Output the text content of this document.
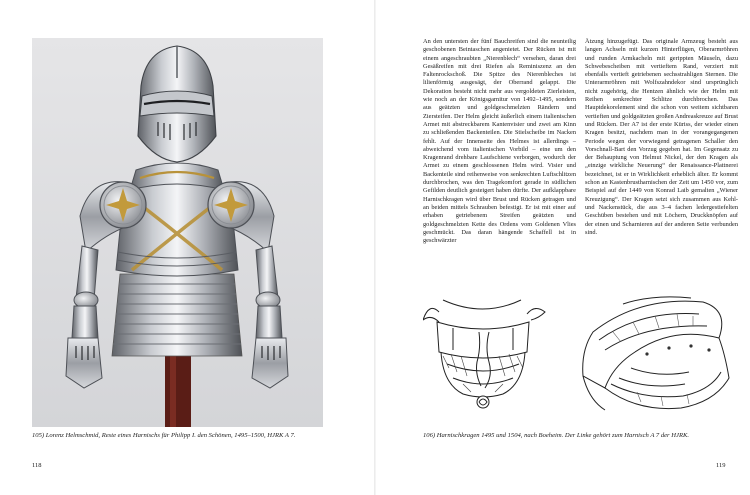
105) Lorenz Helmschmid, Reste eines Harnischs für Philipp I. den Schönen, 1495–1500, HJRK A 7.
118

An den untersten der fünf Bauchreifen sind die neunteilig geschobenen Beintaschen angenietet. Der Rücken ist mit einem angeschraubten „Nierenblech“ versehen, daran drei Gesäßreifen mit drei Riefen als Reminiszenz an den Faltenrockschoß. Die Spitze des Nierenbleches ist lilienförmig ausgesägt, der Oberrand gelappt. Die Dekoration besteht nicht mehr aus vergoldeten Zierleisten, wie noch an der Königsgarnitur von 1492–1495, sondern aus geätzten und goldgeschmelzten Rändern und Ziersteifen. Der Helm gleicht äußerlich einem italienischen Armet mit abstreckbarem Kantenvisier und zwei am Kinn zu schließenden Backenteilen. Die Stielscheibe im Nacken fehlt. Auf der Innenseite des Helmes ist allerdings – abweichend vom italienischen Vorbild – eine um den Kragenrand drehbare Laufschiene verborgen, wodurch der Armet zu einem geschlossenen Helm wird. Visier und Backenteile sind reihenweise von senkrechten Luftschlitzen durchbrochen, was den Tragekomfort gerade in südlichen Gefilden deutlich gesteigert haben dürfte. Der aufklappbare Harnischkragen wird über Brust und Rücken getragen und an beiden mittels Schrauben befestigt. Er ist mit einer auf erhaben getriebenem Streifen geätzten und goldgeschmelzten Kette des Ordens vom Goldenen Vlies geschmückt. Das daran hängende Schaffell ist in geschwärzter

Ätzung hinzugefügt. Das originale Armzeug besteht aus langen Achseln mit kurzen Hinterflügen, Oberarmröhren und runden Armkacheln mit gerippten Mäuseln, dazu Schwebescheiben mit vertieftem Rand, verziert mit ebenfalls vertieft getriebenen sechsstrahligen Sternen. Die Unterarmröhren mit Wolfszahndekor sind ursprünglich nicht zugehörig, die Hentzen ähnlich wie der Helm mit Reihen senkrechter Schlitze durchbrochen. Das Hauptdekorelement sind die schon von weitem sichtbaren vertieften und goldgeätzten großen Andreaskreuze auf Brust und Rücken. Der A7 ist der erste Küriss, der wieder einen Kragen besitzt, nachdem man in der vorangegangenen Periode wegen der vorwiegend getragenen Schaller den Vorschnall-Bart den Vorzug gegeben hat. Im Gegensatz zu der Behauptung von Helmut Nickel, der den Kragen als „einzige wirkliche Neuerung“ der Renaissance-Plattnerei bezeichnet, ist er in Wirklichkeit erheblich älter. Er kommt schon an Kastenbrustharnischen der Zeit um 1450 vor, zum Beispiel auf der 1449 von Konrad Laib gemalten „Wiener Kreuzigung“. Der Kragen setzt sich zusammen aus Kehl- und Nackenstück, die aus 3–4 fachen ledergestiefelten Geschüben bestehen und mit Löchern, Druckknöpfen auf der einen und Scharnieren auf der anderen Seite verbunden sind.

106) Harnischkragen 1495 und 1504, nach Boeheim. Der Linke gehört zum Harnisch A 7 der HJRK.
119
